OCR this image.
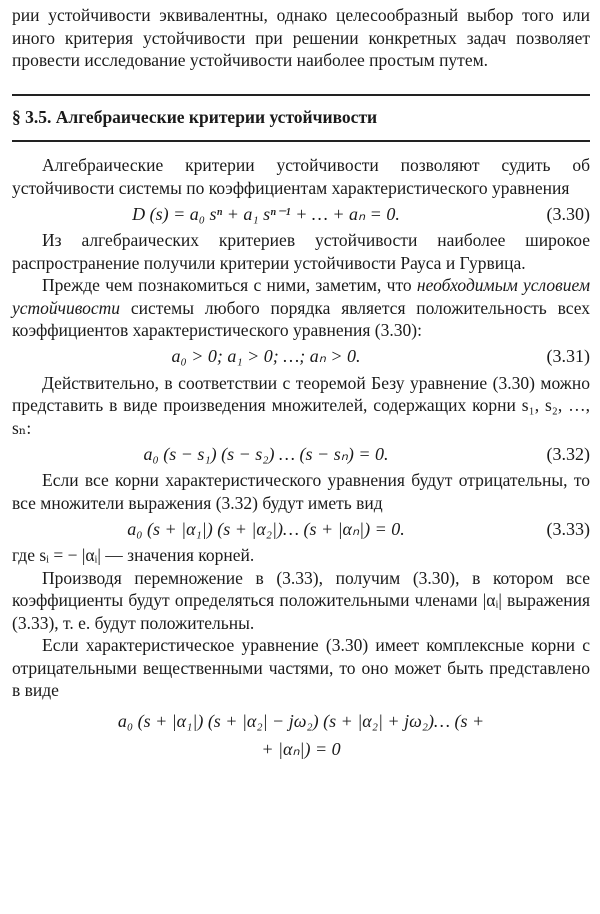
рии устойчивости эквивалентны, однако целесообразный выбор того или иного критерия устойчивости при решении конкретных задач позволяет провести исследование устойчивости наиболее простым путем.

§ 3.5. Алгебраические критерии устойчивости

Алгебраические критерии устойчивости позволяют судить об устойчивости системы по коэффициентам характеристического уравнения

D (s) = a₀ sⁿ + a₁ sⁿ⁻¹ + … + aₙ = 0.	(3.30)

Из алгебраических критериев устойчивости наиболее широкое распространение получили критерии устойчивости Рауса и Гурвица.

Прежде чем познакомиться с ними, заметим, что необходимым условием устойчивости системы любого порядка является положительность всех коэффициентов характеристического уравнения (3.30):

a₀ > 0; a₁ > 0; …; aₙ > 0.	(3.31)

Действительно, в соответствии с теоремой Безу уравнение (3.30) можно представить в виде произведения множителей, содержащих корни s₁, s₂, …, sₙ:

a₀ (s − s₁) (s − s₂) … (s − sₙ) = 0.	(3.32)

Если все корни характеристического уравнения будут отрицательны, то все множители выражения (3.32) будут иметь вид

a₀ (s + |α₁|) (s + |α₂|)… (s + |αₙ|) = 0.	(3.33)

где sᵢ = − |αᵢ| — значения корней.

Производя перемножение в (3.33), получим (3.30), в котором все коэффициенты будут определяться положительными членами |αᵢ| выражения (3.33), т. е. будут положительны.

Если характеристическое уравнение (3.30) имеет комплексные корни с отрицательными вещественными частями, то оно может быть представлено в виде

a₀ (s + |α₁|) (s + |α₂| − jω₂) (s + |α₂| + jω₂)… (s +
+ |αₙ|) = 0
